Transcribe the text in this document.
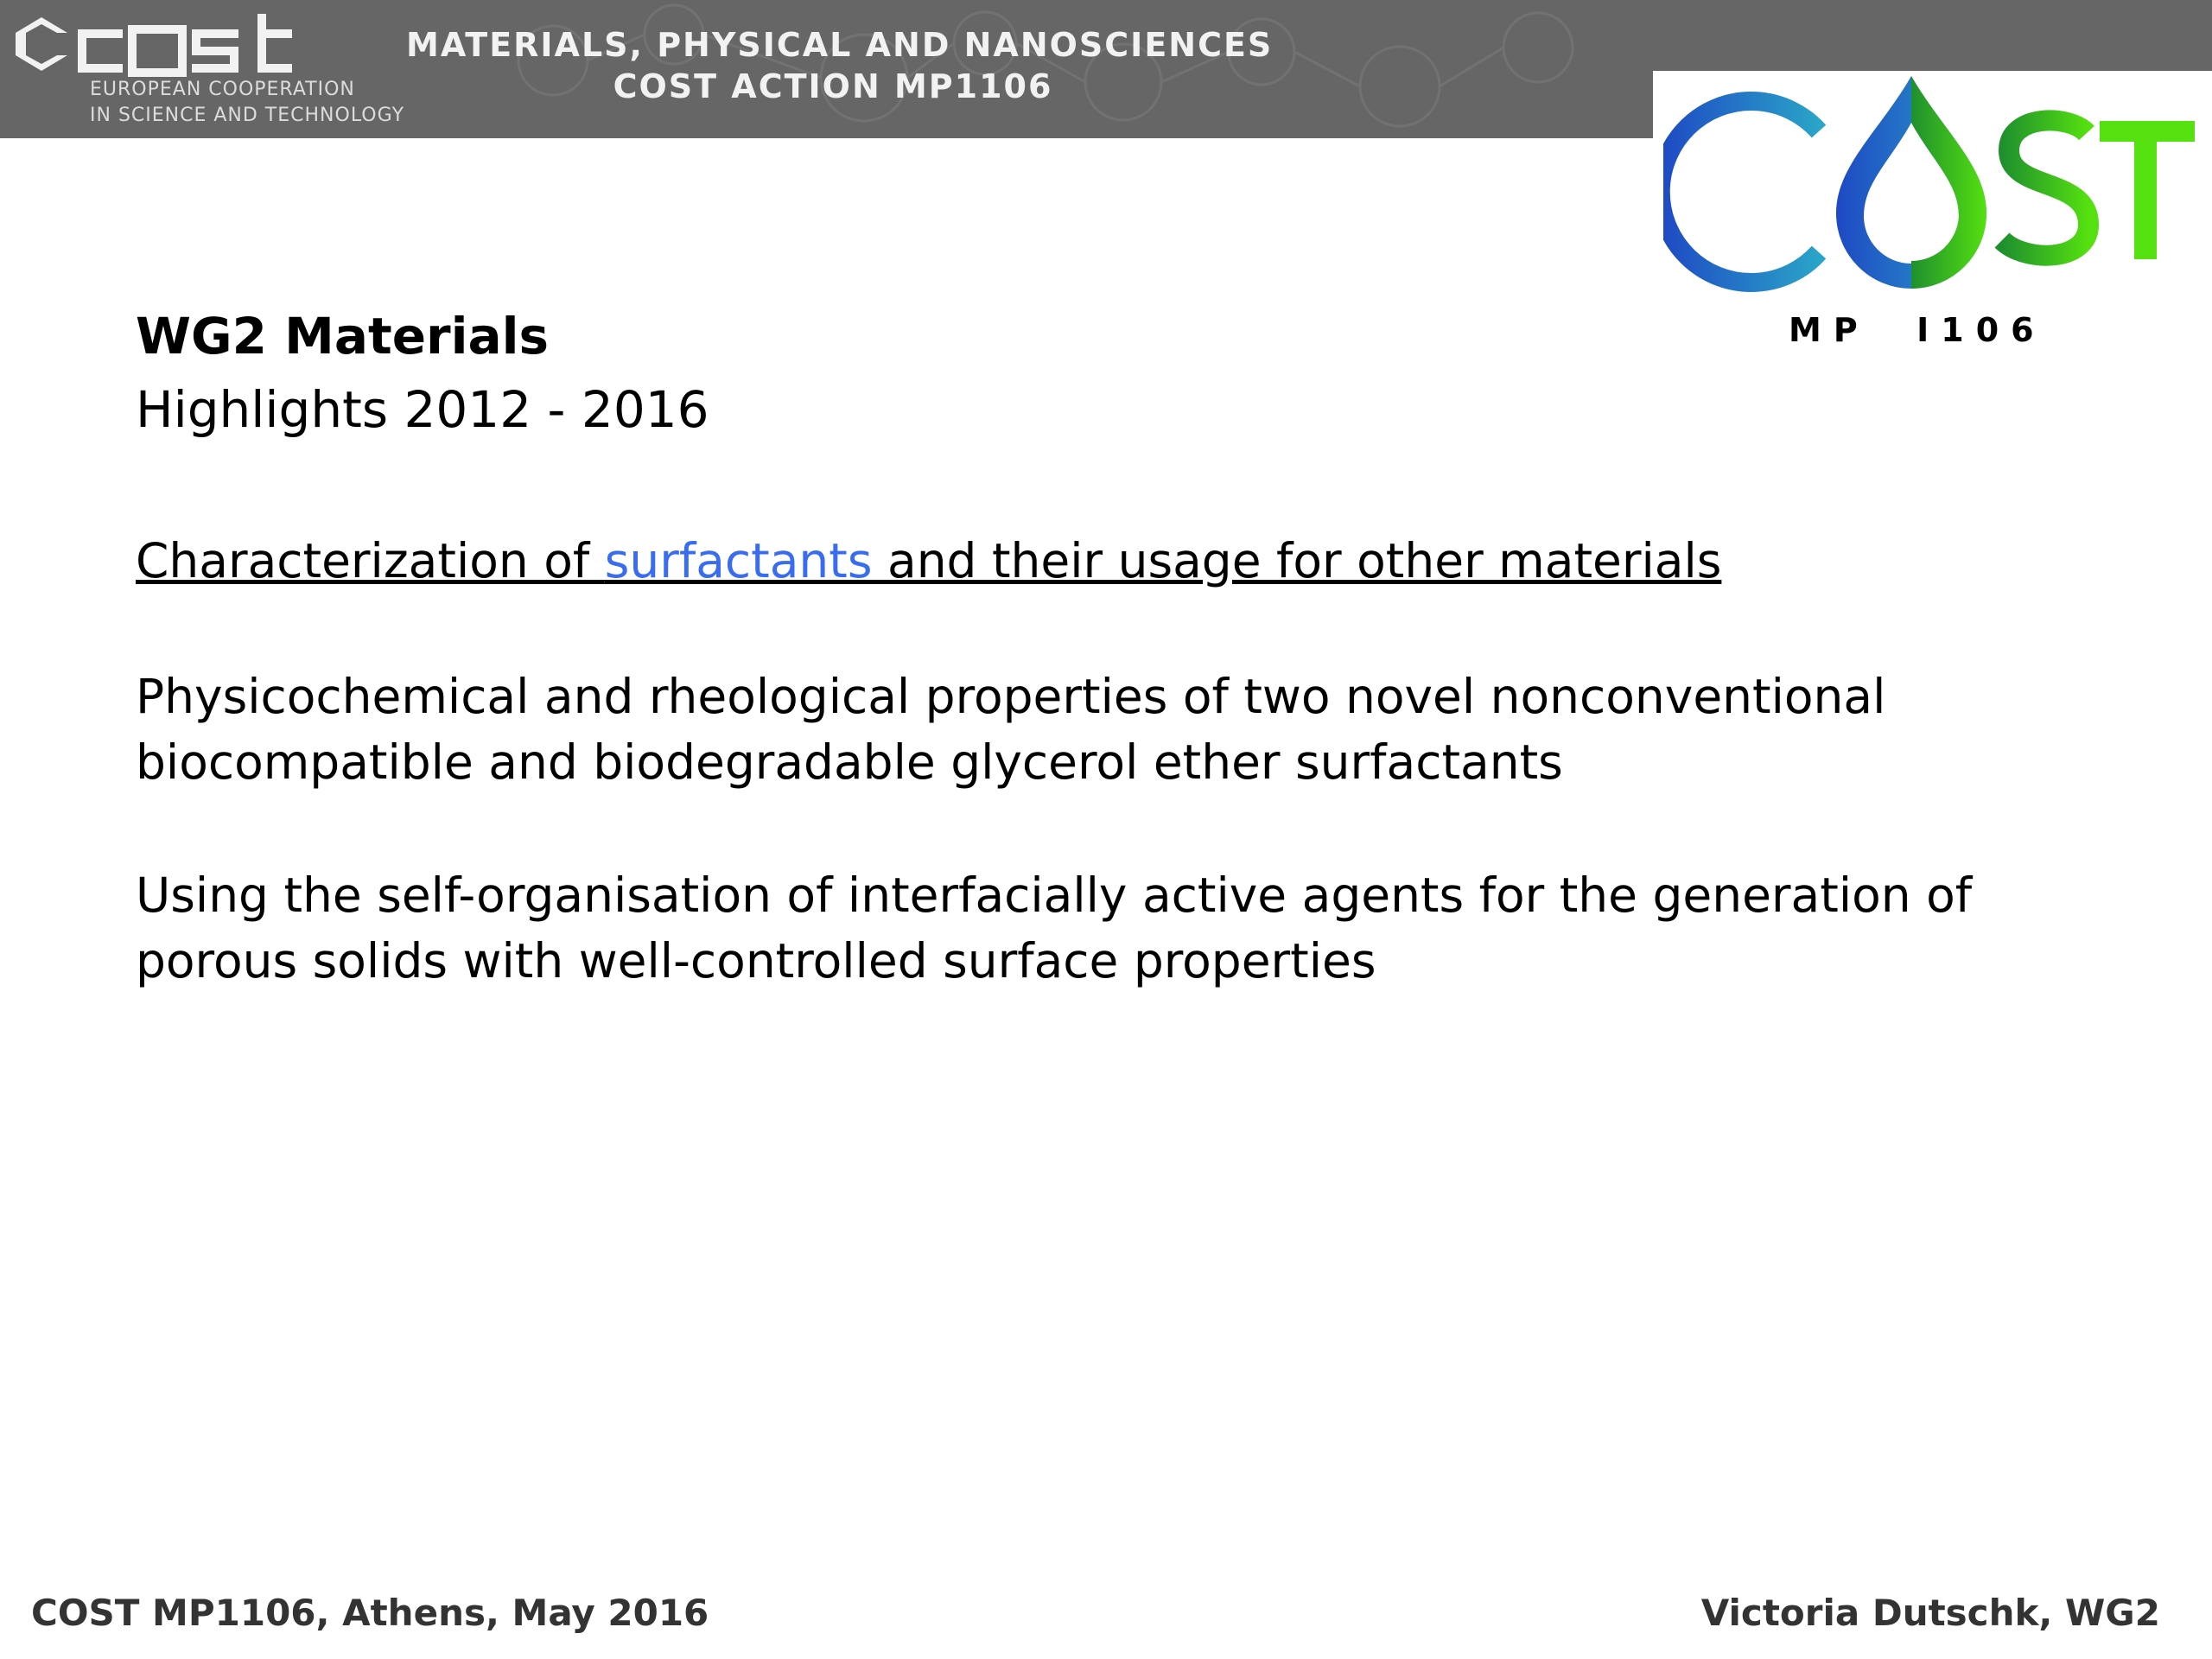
EUROPEAN COOPERATION
IN SCIENCE AND TECHNOLOGY
MATERIALS, PHYSICAL AND NANOSCIENCES
COST ACTION MP1106
MP  I106
WG2 Materials
Highlights 2012 - 2016
Characterization of surfactants and their usage for other materials
Physicochemical and rheological properties of two novel nonconventional biocompatible and biodegradable glycerol ether surfactants
Using the self-organisation of interfacially active agents for the generation of porous solids with well-controlled surface properties
COST MP1106, Athens, May 2016	Victoria Dutschk, WG2
